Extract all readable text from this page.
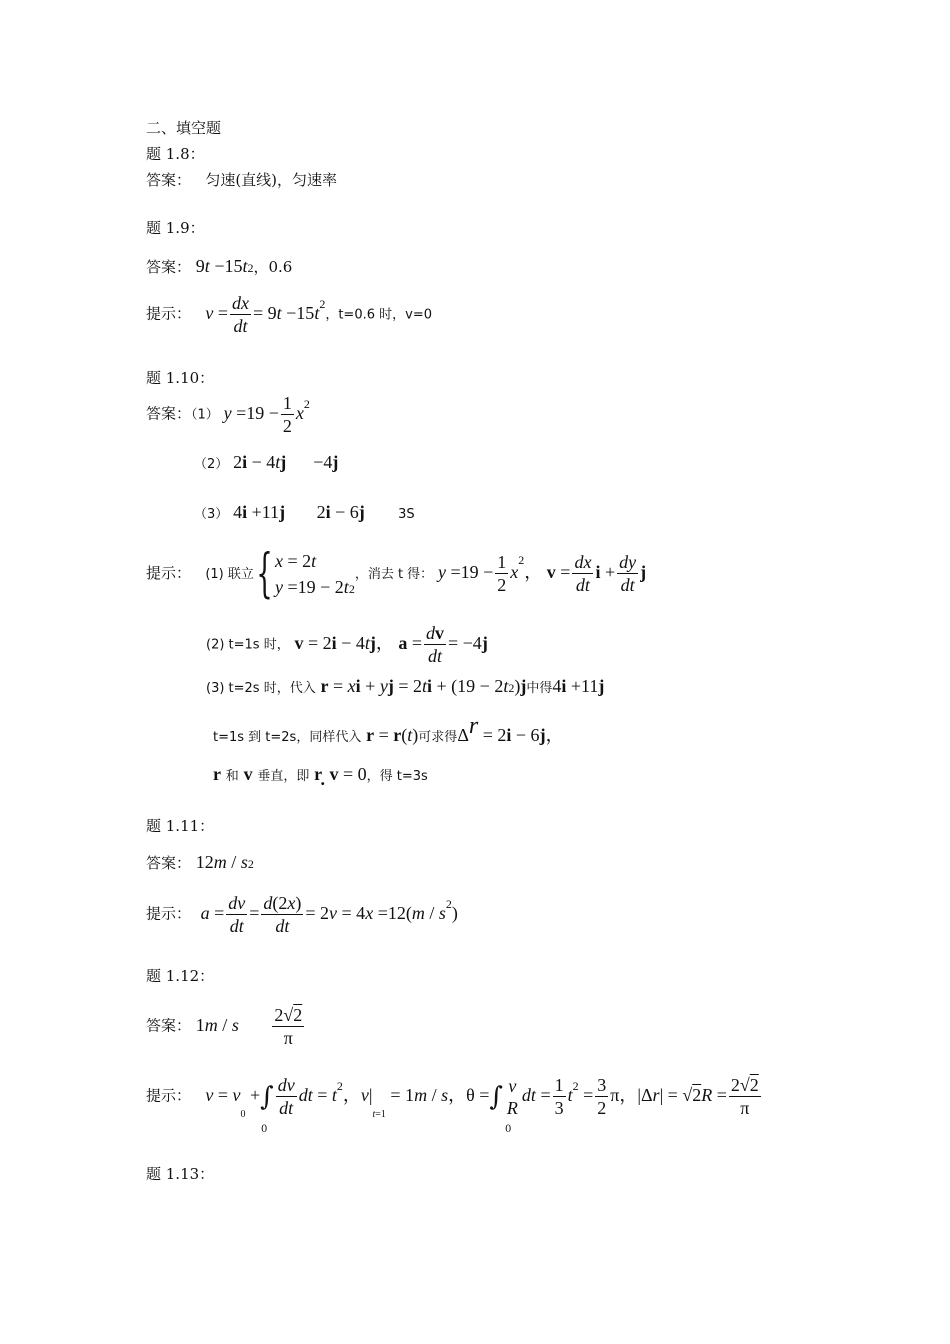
二、填空题
题 1.8：
答案： 匀速(直线)，匀速率
题 1.9：
答案： $9t -15t^2$，0.6
提示： $v = \frac{dx}{dt} = 9t -15t^2$，t=0.6 时，v=0
题 1.10：
答案：（1） $y =19 - \frac{1}{2} x^2$
（2） 2i − 4tj      −4j
（3） 4i +11j       2i − 6j	3S
提示： (1) 联立{ x = 2t
$y =19 - 2t^2$，消去 t 得： $y =19 - \frac{1}{2} x^2$， $v = \frac{dx}{dt}$ $i + \frac{dy}{dt}$ j
(2) t=1s 时， v = 2i − 4tj， $a = \frac{dv}{dt} = -4j$
(3) t=2s 时，代入 r = xi + yj = $2ti + (19 - 2t^2)j$中得4i +11j
t=1s 到 t=2s，同样代入 r = r(t)可求得Δr = 2i − 6j，
r 和 v 垂直，即 r. v = 0，得 t=3s
题 1.11：
答案： $12m / s^2$
提示： $a = \frac{dv}{dt} = \frac{d(2x)}{dt} = 2v = 4x =12(m / s^2)$
题 1.12：
答案： 1m / s $\frac{2√2}{\pi}$
提示： $v = v_0$ +∫ $\frac{dv}{dt}$ dt = $t^2$，$v|_{t=1} = 1m / s$，θ =∫ v
R
dt = $\frac{1}{3} t^2 = \frac{3}{2}$ π，$|\Delta r| = √2R = \frac{2√2}{\pi}$
0	0
题 1.13：
